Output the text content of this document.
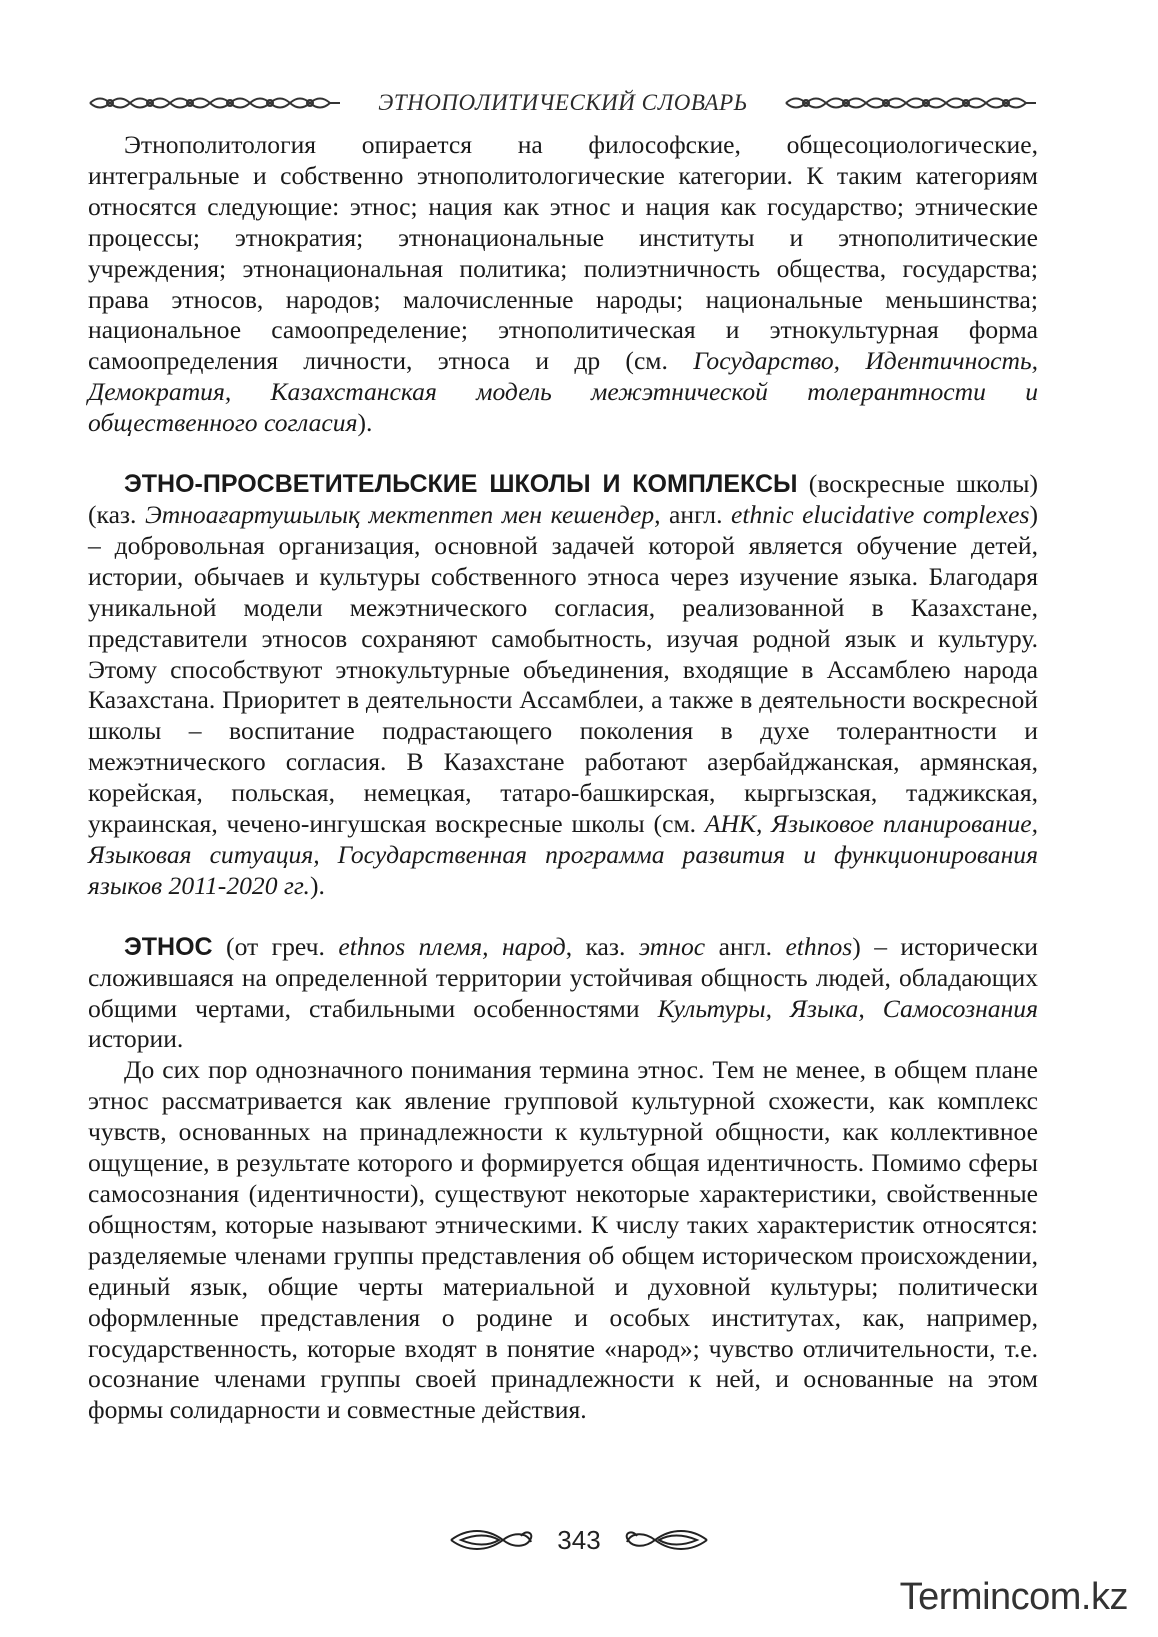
ЭТНОПОЛИТИЧЕСКИЙ СЛОВАРЬ

Этнополитология опирается на философские, общесоциологические, интегральные и собственно этнополитологические категории. К таким категориям относятся следующие: этнос; нация как этнос и нация как государство; этнические процессы; этнократия; этнонациональные институты и этнополитические учреждения; этнонациональная политика; полиэтничность общества, государства; права этносов, народов; малочисленные народы; национальные меньшинства; национальное самоопределение; этнополитическая и этнокультурная форма самоопределения личности, этноса и др (см. Государство, Идентичность, Демократия, Казахстанская модель межэтнической толерантности и общественного согласия).

ЭТНО-ПРОСВЕТИТЕЛЬСКИЕ ШКОЛЫ И КОМПЛЕКСЫ (воскресные школы) (каз. Этноағартушылық мектептеп мен кешендер, англ. ethnic elucidative complexes) – добровольная организация, основной задачей которой является обучение детей, истории, обычаев и культуры собственного этноса через изучение языка. Благодаря уникальной модели межэтнического согласия, реализованной в Казахстане, представители этносов сохраняют самобытность, изучая родной язык и культуру. Этому способствуют этнокультурные объединения, входящие в Ассамблею народа Казахстана. Приоритет в деятельности Ассамблеи, а также в деятельности воскресной школы – воспитание подрастающего поколения в духе толерантности и межэтнического согласия. В Казахстане работают азербайджанская, армянская, корейская, польская, немецкая, татаро-башкирская, кыргызская, таджикская, украинская, чечено-ингушская воскресные школы (см. АНК, Языковое планирование, Языковая ситуация, Государственная программа развития и функционирования языков 2011-2020 гг.).

ЭТНОС (от греч. ethnos племя, народ, каз. этнос англ. ethnos) – исторически сложившаяся на определенной территории устойчивая общность людей, обладающих общими чертами, стабильными особенностями Культуры, Языка, Самосознания истории.

До сих пор однозначного понимания термина этнос. Тем не менее, в общем плане этнос рассматривается как явление групповой культурной схожести, как комплекс чувств, основанных на принадлежности к культурной общности, как коллективное ощущение, в результате которого и формируется общая идентичность. Помимо сферы самосознания (идентичности), существуют некоторые характеристики, свойственные общностям, которые называют этническими. К числу таких характеристик относятся: разделяемые членами группы представления об общем историческом происхождении, единый язык, общие черты материальной и духовной культуры; политически оформленные представления о родине и особых институтах, как, например, государственность, которые входят в понятие «народ»; чувство отличительности, т.е. осознание членами группы своей принадлежности к ней, и основанные на этом формы солидарности и совместные действия.

343
Termincom.kz
